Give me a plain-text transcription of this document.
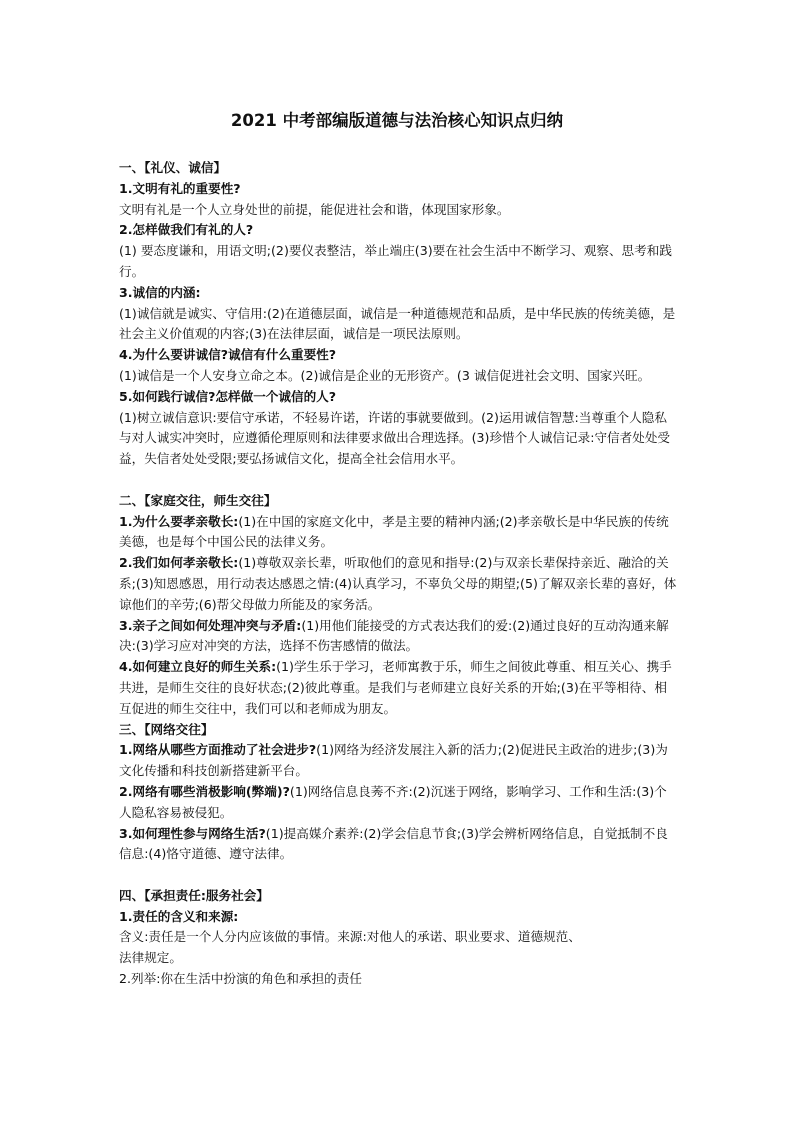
2021 中考部编版道德与法治核心知识点归纳

一、【礼仪、诚信】

1.文明有礼的重要性?

文明有礼是一个人立身处世的前提，能促进社会和谐，体现国家形象。

2.怎样做我们有礼的人?

(1) 要态度谦和，用语文明;(2)要仪表整洁，举止端庄(3)要在社会生活中不断学习、观察、思考和践行。

3.诚信的内涵:

(1)诚信就是诚实、守信用:(2)在道德层面，诚信是一种道德规范和品质，是中华民族的传统美德，是社会主义价值观的内容;(3)在法律层面，诚信是一项民法原则。

4.为什么要讲诚信?诚信有什么重要性?

(1)诚信是一个人安身立命之本。(2)诚信是企业的无形资产。(3 诚信促进社会文明、国家兴旺。

5.如何践行诚信?怎样做一个诚信的人?

(1)树立诚信意识:要信守承诺，不轻易许诺，许诺的事就要做到。(2)运用诚信智慧:当尊重个人隐私与对人诚实冲突时，应遵循伦理原则和法律要求做出合理选择。(3)珍惜个人诚信记录:守信者处处受益，失信者处处受限;要弘扬诚信文化，提高全社会信用水平。

二、【家庭交往，师生交往】

1.为什么要孝亲敬长:(1)在中国的家庭文化中，孝是主要的精神内涵;(2)孝亲敬长是中华民族的传统美德，也是每个中国公民的法律义务。

2.我们如何孝亲敬长:(1)尊敬双亲长辈，听取他们的意见和指导:(2)与双亲长辈保持亲近、融洽的关系;(3)知恩感恩，用行动表达感恩之情:(4)认真学习，不辜负父母的期望;(5)了解双亲长辈的喜好，体谅他们的辛劳;(6)帮父母做力所能及的家务活。

3.亲子之间如何处理冲突与矛盾:(1)用他们能接受的方式表达我们的爱:(2)通过良好的互动沟通来解决:(3)学习应对冲突的方法，选择不伤害感情的做法。

4.如何建立良好的师生关系:(1)学生乐于学习，老师寓教于乐，师生之间彼此尊重、相互关心、携手共进，是师生交往的良好状态;(2)彼此尊重。是我们与老师建立良好关系的开始;(3)在平等相待、相互促进的师生交往中，我们可以和老师成为朋友。

三、【网络交往】

1.网络从哪些方面推动了社会进步?(1)网络为经济发展注入新的活力;(2)促进民主政治的进步;(3)为文化传播和科技创新搭建新平台。

2.网络有哪些消极影响(弊端)?(1)网络信息良莠不齐:(2)沉迷于网络，影响学习、工作和生活:(3)个人隐私容易被侵犯。

3.如何理性参与网络生活?(1)提高媒介素养:(2)学会信息节食;(3)学会辨析网络信息，自觉抵制不良信息:(4)恪守道德、遵守法律。

四、【承担责任:服务社会】

1.责任的含义和来源:

含义:责任是一个人分内应该做的事情。来源:对他人的承诺、职业要求、道德规范、

法律规定。

2.列举:你在生活中扮演的角色和承担的责任
